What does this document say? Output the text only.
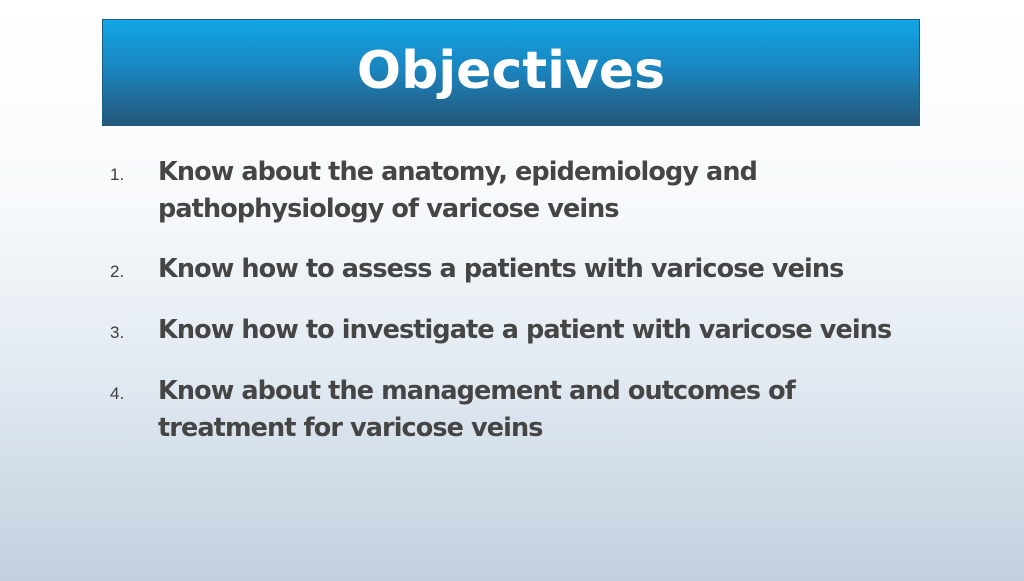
Objectives
1.	Know about the anatomy, epidemiology and pathophysiology of varicose veins
2.	Know how to assess a patients with varicose veins
3.	Know how to investigate a patient with varicose veins
4.	Know about the management and outcomes of treatment for varicose veins
